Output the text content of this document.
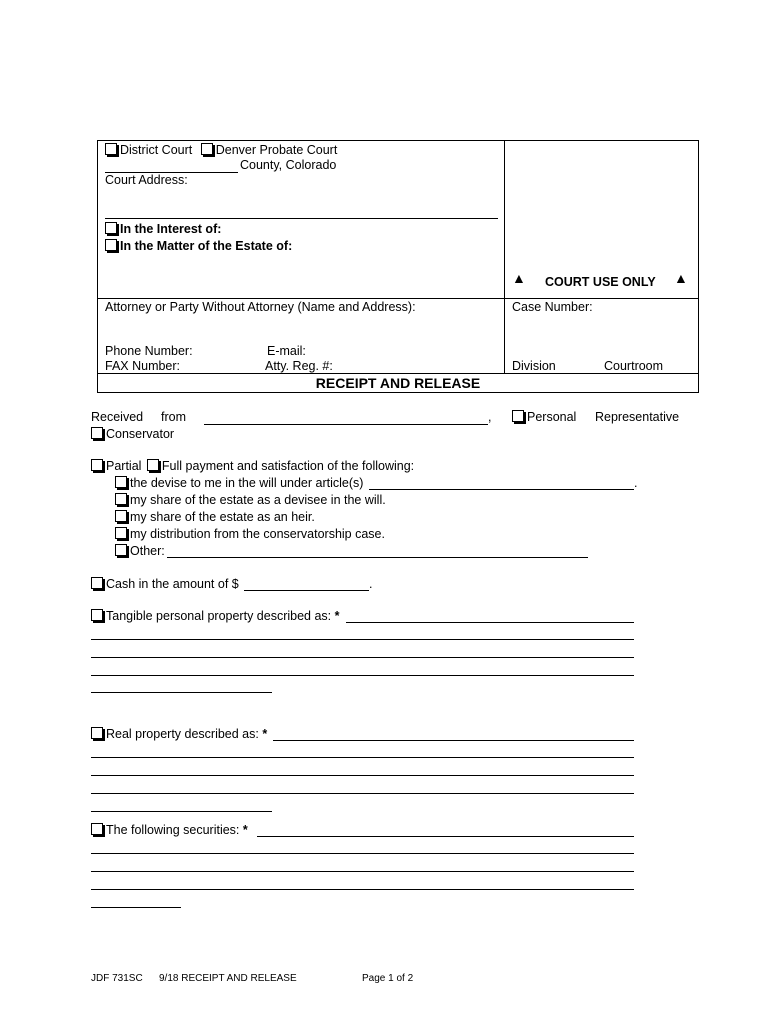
District Court Denver Probate Court
County, Colorado
Court Address:
In the Interest of:
In the Matter of the Estate of:
▲ COURT USE ONLY ▲
Attorney or Party Without Attorney (Name and Address):	Case Number:
Phone Number:	E-mail:
FAX Number:	Atty. Reg. #:	Division	Courtroom
RECEIPT AND RELEASE
Received from	,	Personal Representative
Conservator
Partial Full payment and satisfaction of the following:
the devise to me in the will under article(s)	.
my share of the estate as a devisee in the will.
my share of the estate as an heir.
my distribution from the conservatorship case.
Other:
Cash in the amount of $	.
Tangible personal property described as: *
Real property described as: *
The following securities: *
JDF 731SC 9/18 RECEIPT AND RELEASE	Page 1 of 2
